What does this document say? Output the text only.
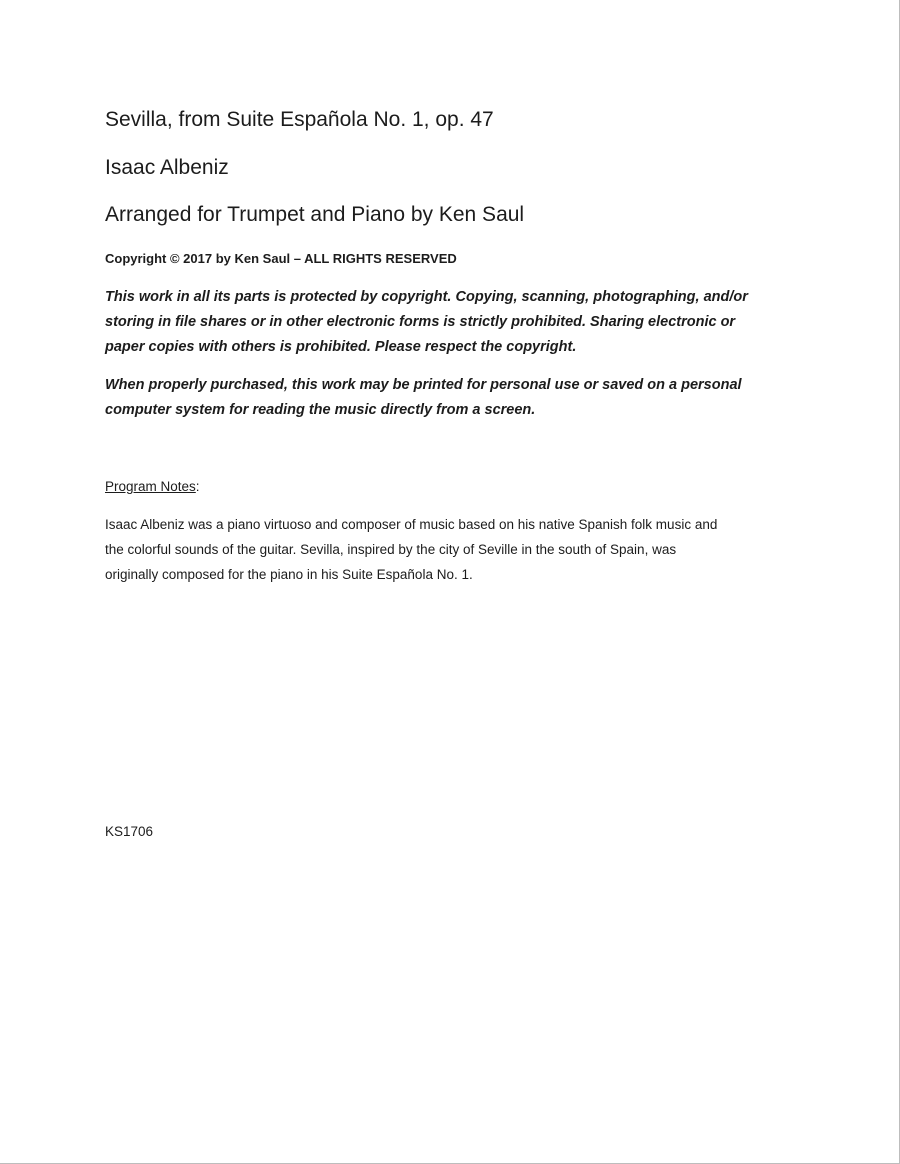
Sevilla, from Suite Española No. 1, op. 47
Isaac Albeniz
Arranged for Trumpet and Piano by Ken Saul
Copyright © 2017 by Ken Saul – ALL RIGHTS RESERVED
This work in all its parts is protected by copyright. Copying, scanning, photographing, and/or
storing in file shares or in other electronic forms is strictly prohibited. Sharing electronic or
paper copies with others is prohibited. Please respect the copyright.
When properly purchased, this work may be printed for personal use or saved on a personal
computer system for reading the music directly from a screen.
Program Notes:
Isaac Albeniz was a piano virtuoso and composer of music based on his native Spanish folk music and
the colorful sounds of the guitar. Sevilla, inspired by the city of Seville in the south of Spain, was
originally composed for the piano in his Suite Española No. 1.
KS1706
